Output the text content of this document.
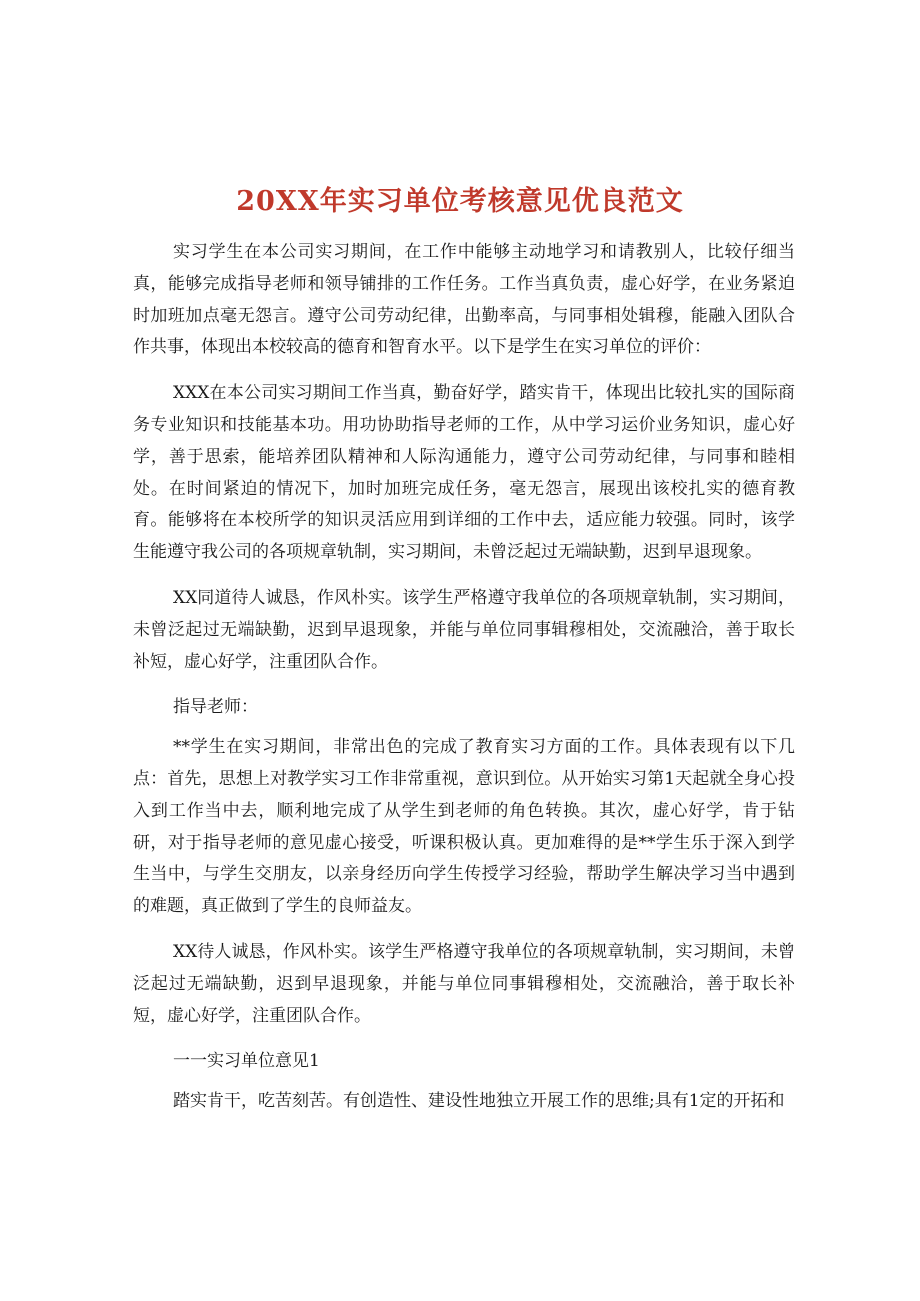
20XX年实习单位考核意见优良范文

实习学生在本公司实习期间，在工作中能够主动地学习和请教别人，比较仔细当真，能够完成指导老师和领导铺排的工作任务。工作当真负责，虚心好学，在业务紧迫时加班加点毫无怨言。遵守公司劳动纪律，出勤率高，与同事相处辑穆，能融入团队合作共事，体现出本校较高的德育和智育水平。以下是学生在实习单位的评价：

XXX在本公司实习期间工作当真，勤奋好学，踏实肯干，体现出比较扎实的国际商务专业知识和技能基本功。用功协助指导老师的工作，从中学习运价业务知识，虚心好学，善于思索，能培养团队精神和人际沟通能力，遵守公司劳动纪律，与同事和睦相处。在时间紧迫的情况下，加时加班完成任务，毫无怨言，展现出该校扎实的德育教育。能够将在本校所学的知识灵活应用到详细的工作中去，适应能力较强。同时，该学生能遵守我公司的各项规章轨制，实习期间，未曾泛起过无端缺勤，迟到早退现象。

XX同道待人诚恳，作风朴实。该学生严格遵守我单位的各项规章轨制，实习期间，未曾泛起过无端缺勤，迟到早退现象，并能与单位同事辑穆相处，交流融洽，善于取长补短，虚心好学，注重团队合作。

指导老师：

**学生在实习期间，非常出色的完成了教育实习方面的工作。具体表现有以下几点：首先，思想上对教学实习工作非常重视，意识到位。从开始实习第1天起就全身心投入到工作当中去，顺利地完成了从学生到老师的角色转换。其次，虚心好学，肯于钻研，对于指导老师的意见虚心接受，听课积极认真。更加难得的是**学生乐于深入到学生当中，与学生交朋友，以亲身经历向学生传授学习经验，帮助学生解决学习当中遇到的难题，真正做到了学生的良师益友。

XX待人诚恳，作风朴实。该学生严格遵守我单位的各项规章轨制，实习期间，未曾泛起过无端缺勤，迟到早退现象，并能与单位同事辑穆相处，交流融洽，善于取长补短，虚心好学，注重团队合作。

一一实习单位意见1

踏实肯干，吃苦刻苦。有创造性、建设性地独立开展工作的思维;具有1定的开拓和
